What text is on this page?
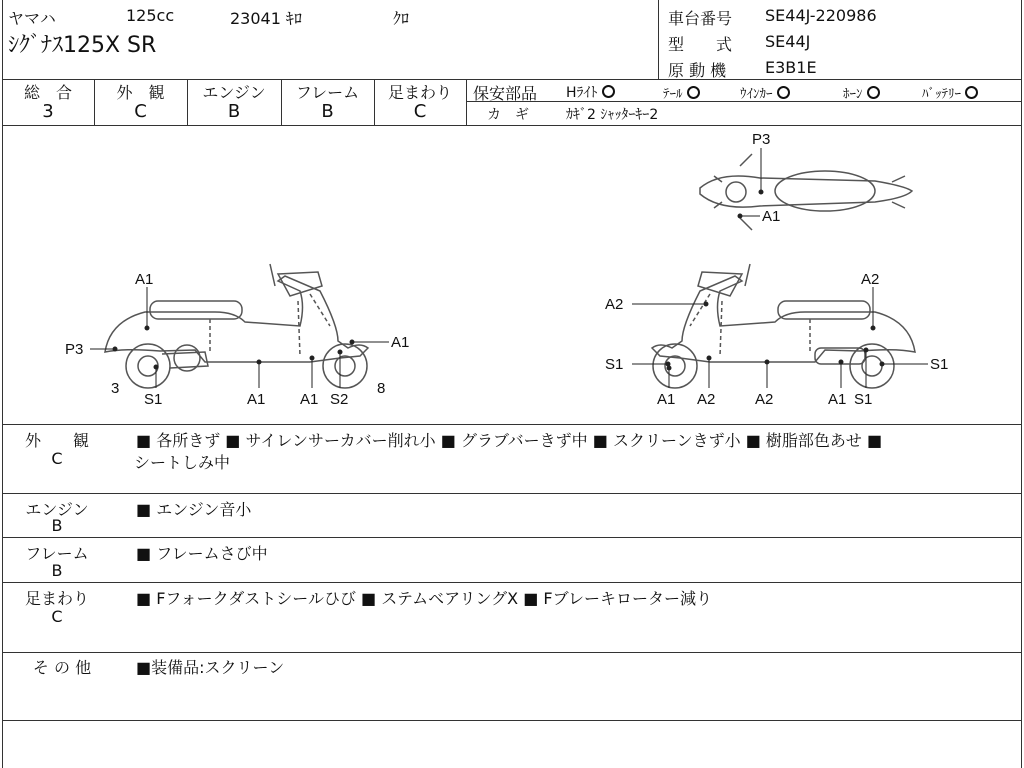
ヤマハ	125cc	23041 ｷﾛ	ｸﾛ
ｼｸﾞﾅｽ125X SR
車台番号 SE44J-220986
型　　式 SE44J
原 動 機 E3B1E
総　合
3
外　観
C
エンジン
B
フレーム
B
足まわり
C
保安部品 Hﾗｲﾄ	ﾃｰﾙ	ｳｲﾝｶｰ	ﾎｰﾝ	ﾊﾞｯﾃﾘｰ
カ　ギ	ｶｷﾞ2 ｼｬｯﾀｰｷｰ2
A1
P3
3
S1	A1 A1 S2
8
A1
A2
A2
S1
A1 A2	A2	A1 S1
S1
P3
A1
外　　観
C
■ 各所きず ■ サイレンサーカバー削れ小 ■ グラブバーきず中 ■ スクリーンきず小 ■ 樹脂部色あせ ■
シートしみ中
エンジン
B
■ エンジン音小
フレーム
B
■ フレームさび中
足まわり
C
■ Fフォークダストシールひび ■ ステムベアリングX ■ Fブレーキローター減り
そ の 他	■装備品:スクリーン
